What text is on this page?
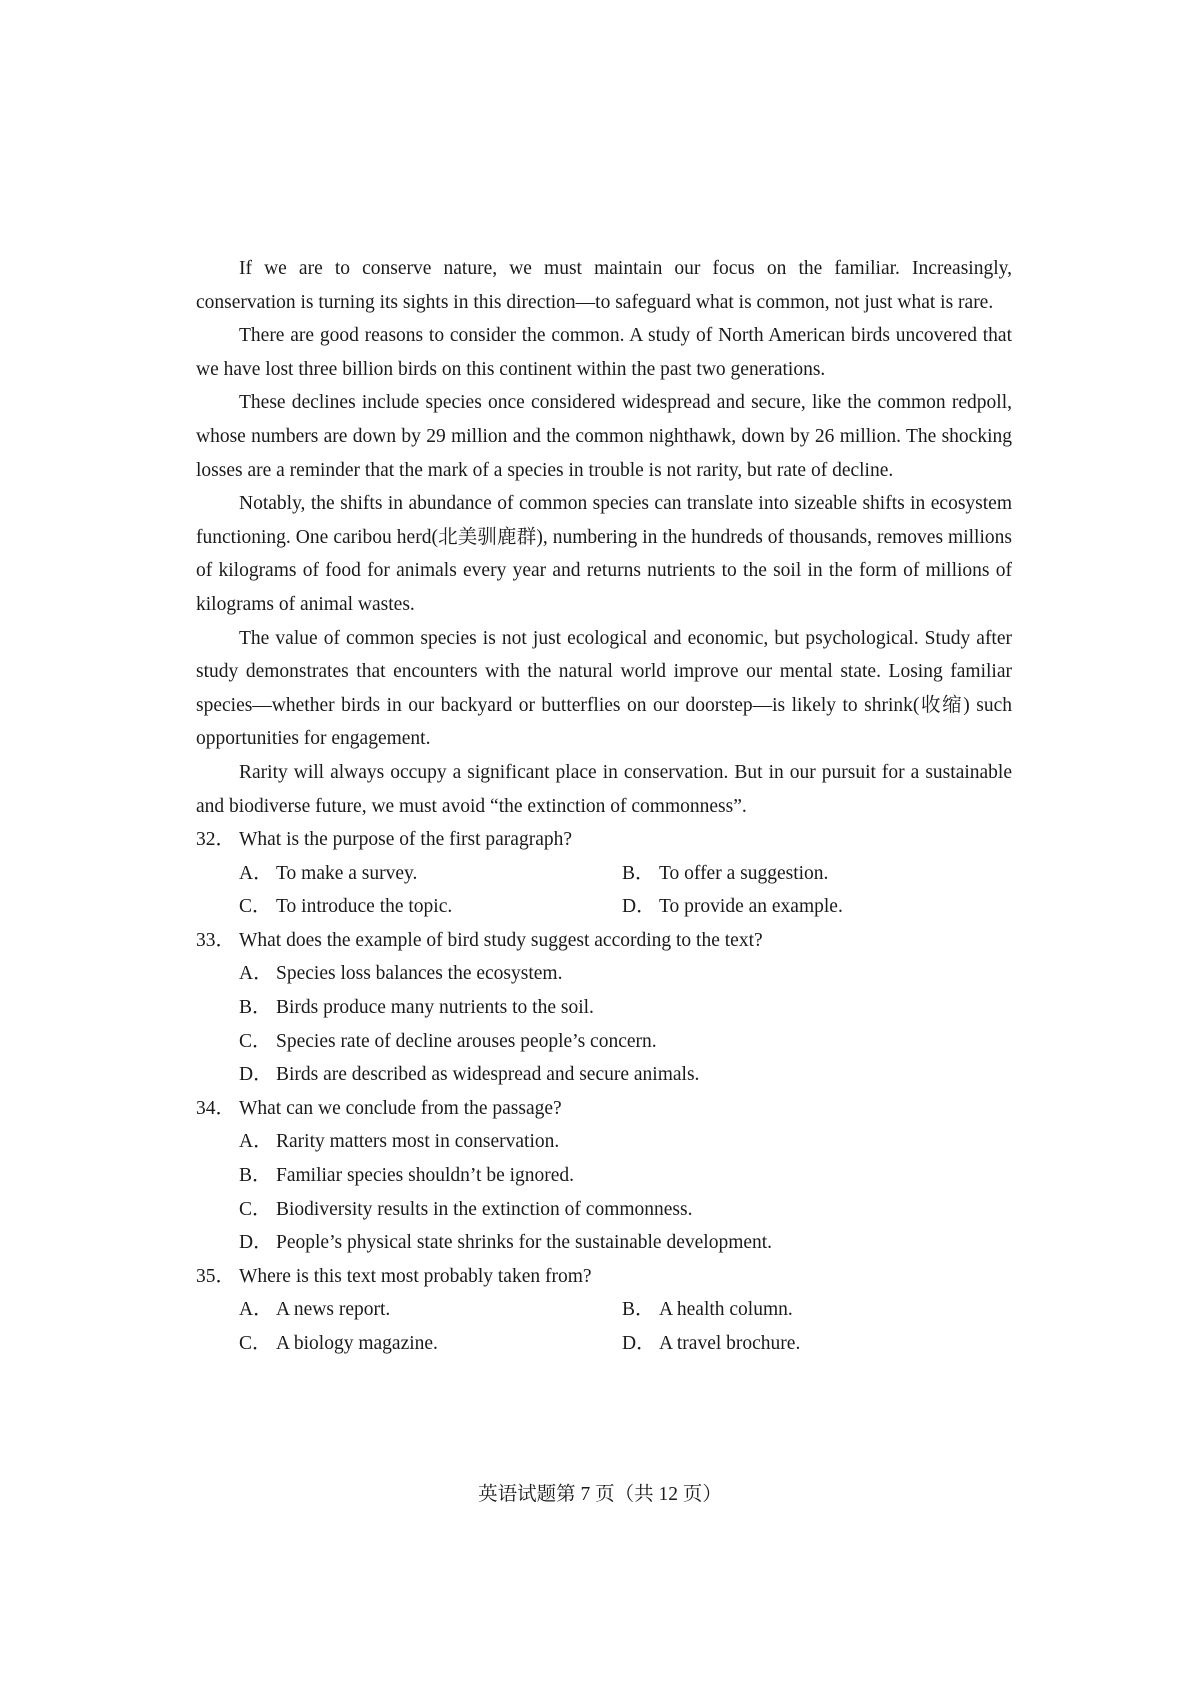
If we are to conserve nature, we must maintain our focus on the familiar. Increasingly, conservation is turning its sights in this direction—to safeguard what is common, not just what is rare.

There are good reasons to consider the common. A study of North American birds uncovered that we have lost three billion birds on this continent within the past two generations.

These declines include species once considered widespread and secure, like the common redpoll, whose numbers are down by 29 million and the common nighthawk, down by 26 million. The shocking losses are a reminder that the mark of a species in trouble is not rarity, but rate of decline.

Notably, the shifts in abundance of common species can translate into sizeable shifts in ecosystem functioning. One caribou herd(北美驯鹿群), numbering in the hundreds of thousands, removes millions of kilograms of food for animals every year and returns nutrients to the soil in the form of millions of kilograms of animal wastes.

The value of common species is not just ecological and economic, but psychological. Study after study demonstrates that encounters with the natural world improve our mental state. Losing familiar species—whether birds in our backyard or butterflies on our doorstep—is likely to shrink(收缩) such opportunities for engagement.

Rarity will always occupy a significant place in conservation. But in our pursuit for a sustainable and biodiverse future, we must avoid “the extinction of commonness”.

32． What is the purpose of the first paragraph?

A． To make a survey.	B． To offer a suggestion.
C． To introduce the topic.	D． To provide an example.

33． What does the example of bird study suggest according to the text?

A． Species loss balances the ecosystem.
B． Birds produce many nutrients to the soil.
C． Species rate of decline arouses people’s concern.
D． Birds are described as widespread and secure animals.

34． What can we conclude from the passage?

A． Rarity matters most in conservation.
B． Familiar species shouldn’t be ignored.
C． Biodiversity results in the extinction of commonness.
D． People’s physical state shrinks for the sustainable development.

35． Where is this text most probably taken from?

A． A news report.	B． A health column.
C． A biology magazine.	D． A travel brochure.
英语试题第 7 页（共 12 页）
